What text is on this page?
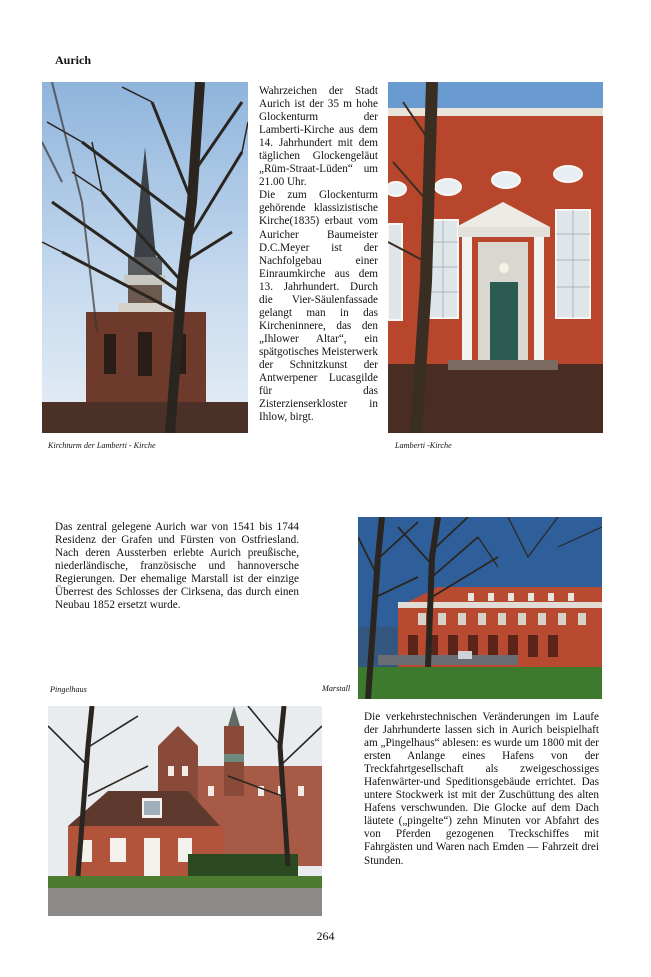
Aurich
Kirchturm der Lamberti - Kirche

Wahrzeichen der Stadt Aurich ist der 35 m hohe Glockenturm der Lamberti-Kirche aus dem 14. Jahrhundert mit dem täglichen Glockengeläut „Rüm-Straat-Lüden“ um 21.00 Uhr.

Die zum Glockenturm gehörende klassizistische Kirche(1835) erbaut vom Auricher Baumeister D.C.Meyer ist der Nachfolgebau einer Einraumkirche aus dem 13. Jahrhundert. Durch die Vier-Säulenfassade gelangt man in das Kircheninnere, das den „Ihlower Altar“, ein spätgotisches Meisterwerk der Schnitzkunst der Antwerpener Lucasgilde für das Zisterzienserkloster in Ihlow, birgt.

Lamberti -Kirche
Das zentral gelegene Aurich war von 1541 bis 1744 Residenz der Grafen und Fürsten von Ostfriesland. Nach deren Aussterben erlebte Aurich preußische, niederländische, französische und hannoversche Regierungen. Der ehemalige Marstall ist der einzige Überrest des Schlosses der Cirksena, das durch einen Neubau 1852 ersetzt wurde.
Marstall
Pingelhaus
Die verkehrstechnischen Veränderungen im Laufe der Jahrhunderte lassen sich in Aurich beispielhaft am „Pingelhaus“ ablesen: es wurde um 1800 mit der ersten Anlange eines Hafens von der Treckfahrtgesellschaft als zweigeschossiges Hafenwärter-und Speditionsgebäude errichtet. Das untere Stockwerk ist mit der Zuschüttung des alten Hafens verschwunden. Die Glocke auf dem Dach läutete („pingelte“) zehn Minuten vor Abfahrt des von Pferden gezogenen Treckschiffes mit Fahrgästen und Waren nach Emden — Fahrzeit drei Stunden.
264
